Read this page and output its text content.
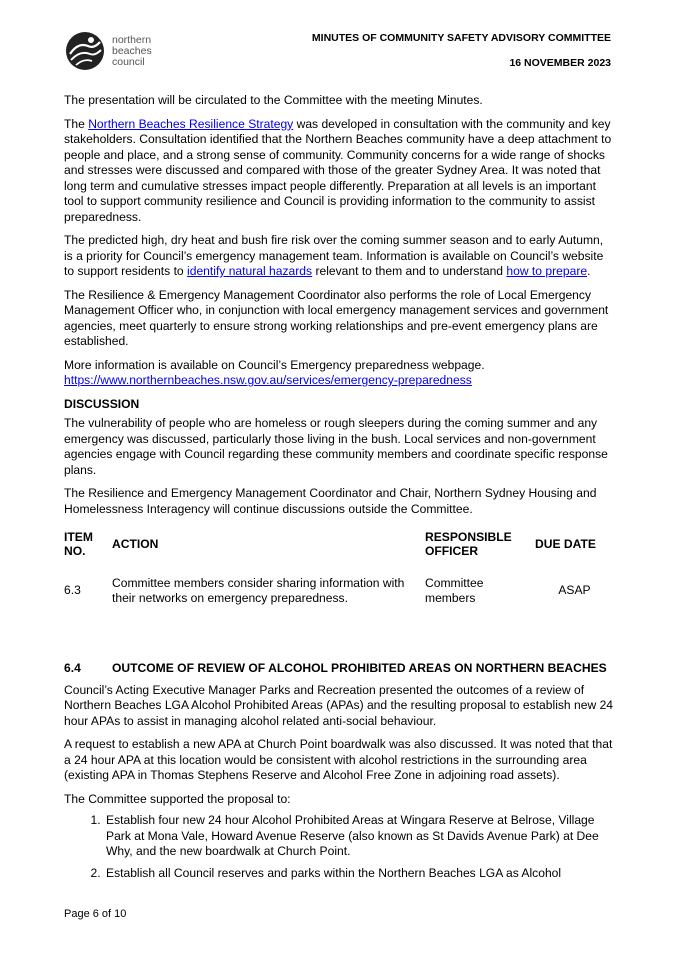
northern
beaches
council
MINUTES OF COMMUNITY SAFETY ADVISORY COMMITTEE
16 NOVEMBER 2023

The presentation will be circulated to the Committee with the meeting Minutes.

The Northern Beaches Resilience Strategy was developed in consultation with the community and key stakeholders. Consultation identified that the Northern Beaches community have a deep attachment to people and place, and a strong sense of community. Community concerns for a wide range of shocks and stresses were discussed and compared with those of the greater Sydney Area. It was noted that long term and cumulative stresses impact people differently. Preparation at all levels is an important tool to support community resilience and Council is providing information to the community to assist preparedness.

The predicted high, dry heat and bush fire risk over the coming summer season and to early Autumn, is a priority for Council’s emergency management team. Information is available on Council’s website to support residents to identify natural hazards relevant to them and to understand how to prepare.

The Resilience & Emergency Management Coordinator also performs the role of Local Emergency Management Officer who, in conjunction with local emergency management services and government agencies, meet quarterly to ensure strong working relationships and pre-event emergency plans are established.

More information is available on Council’s Emergency preparedness webpage.
https://www.northernbeaches.nsw.gov.au/services/emergency-preparedness

DISCUSSION

The vulnerability of people who are homeless or rough sleepers during the coming summer and any emergency was discussed, particularly those living in the bush. Local services and non-government agencies engage with Council regarding these community members and coordinate specific response plans.

The Resilience and Emergency Management Coordinator and Chair, Northern Sydney Housing and Homelessness Interagency will continue discussions outside the Committee.

ITEM NO.	ACTION	RESPONSIBLE OFFICER	DUE DATE
6.3	Committee members consider sharing information with their networks on emergency preparedness.	Committee members	ASAP
6.4	OUTCOME OF REVIEW OF ALCOHOL PROHIBITED AREAS ON NORTHERN BEACHES

Council’s Acting Executive Manager Parks and Recreation presented the outcomes of a review of Northern Beaches LGA Alcohol Prohibited Areas (APAs) and the resulting proposal to establish new 24 hour APAs to assist in managing alcohol related anti-social behaviour.

A request to establish a new APA at Church Point boardwalk was also discussed. It was noted that that a 24 hour APA at this location would be consistent with alcohol restrictions in the surrounding area (existing APA in Thomas Stephens Reserve and Alcohol Free Zone in adjoining road assets).

The Committee supported the proposal to:

1. Establish four new 24 hour Alcohol Prohibited Areas at Wingara Reserve at Belrose, Village Park at Mona Vale, Howard Avenue Reserve (also known as St Davids Avenue Park) at Dee Why, and the new boardwalk at Church Point.
2. Establish all Council reserves and parks within the Northern Beaches LGA as Alcohol
Page 6 of 10
